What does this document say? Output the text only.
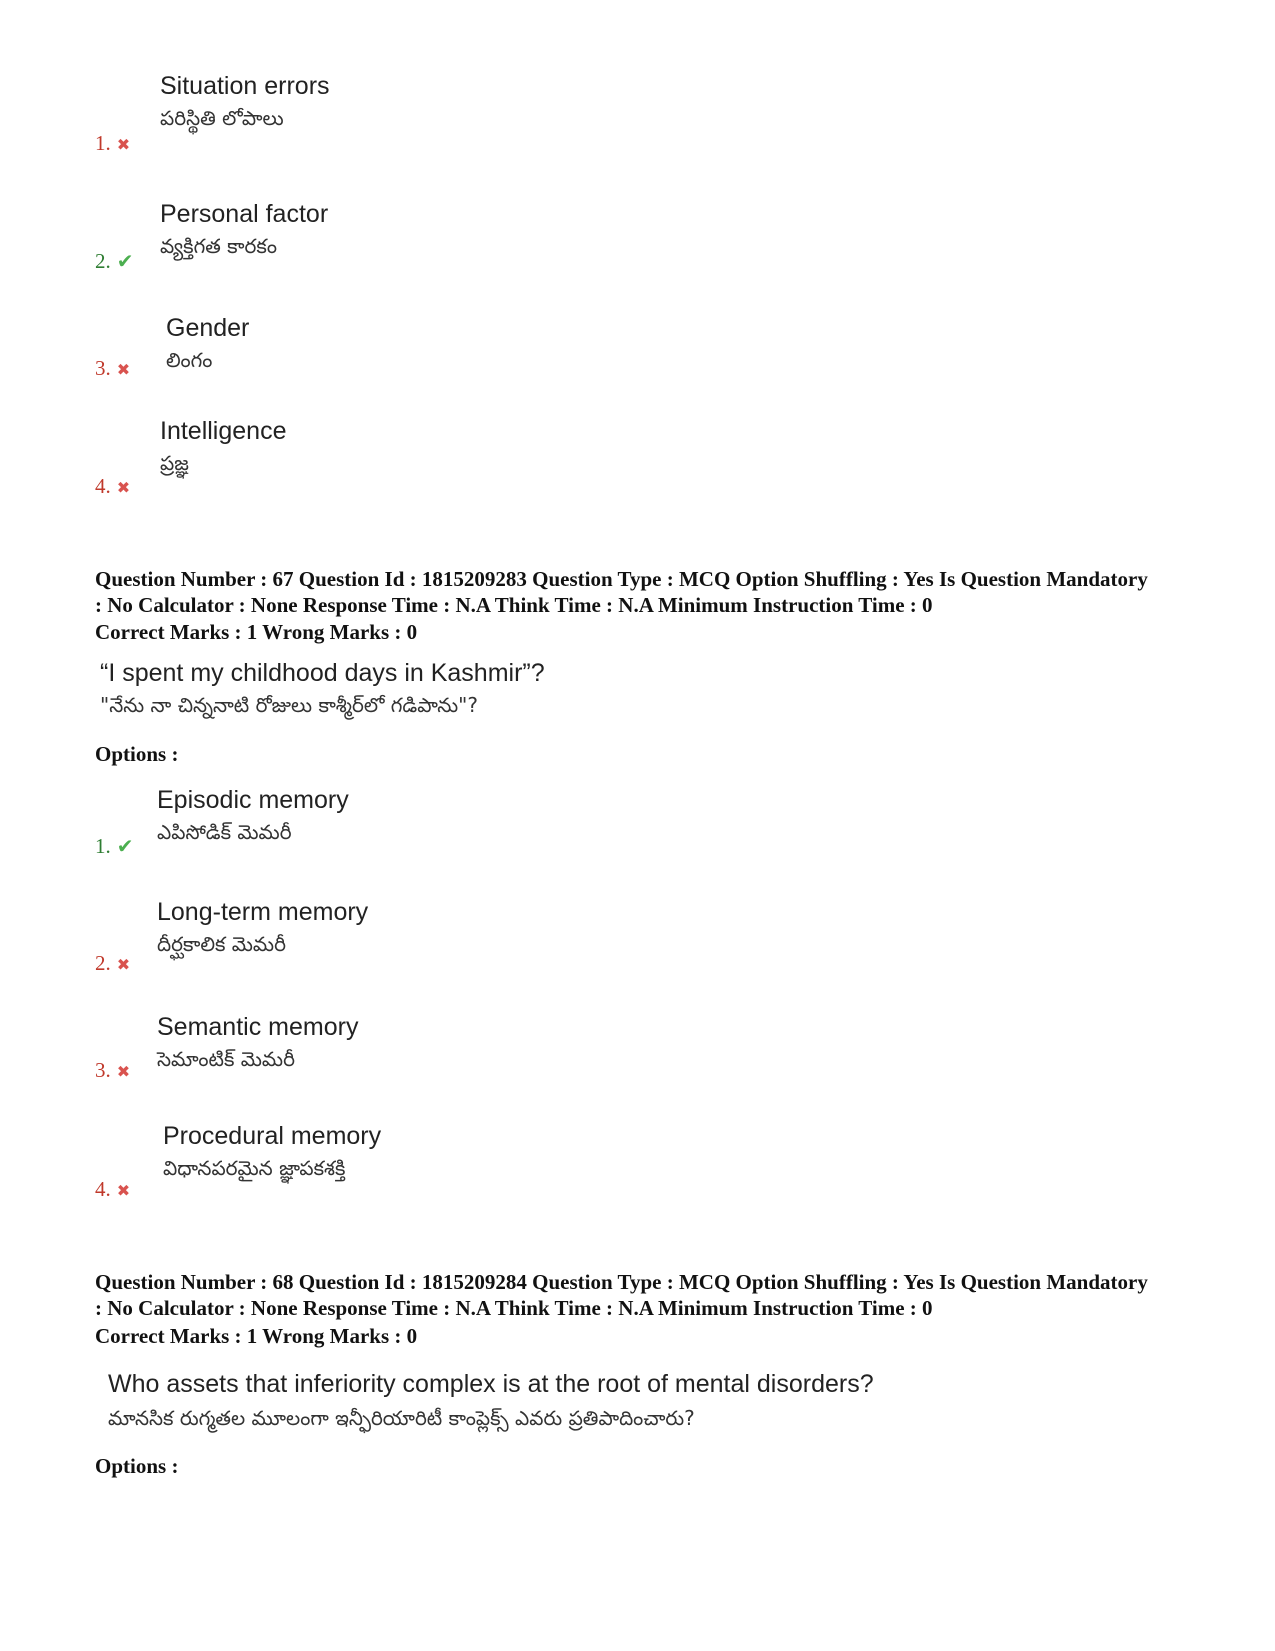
Situation errors
పరిస్థితి లోపాలు
1. ✖
Personal factor
వ్యక్తిగత కారకం
2. ✔
Gender
లింగం
3. ✖
Intelligence
ప్రజ్ఞ
4. ✖
Question Number : 67 Question Id : 1815209283 Question Type : MCQ Option Shuffling : Yes Is Question Mandatory : No Calculator : None Response Time : N.A Think Time : N.A Minimum Instruction Time : 0
Correct Marks : 1 Wrong Marks : 0
“I spent my childhood days in Kashmir”?
"నేను నా చిన్ననాటి రోజులు కాశ్మీర్‌లో గడిపాను"?
Options :
Episodic memory
ఎపిసోడిక్ మెమరీ
1. ✔
Long-term memory
దీర్ఘకాలిక మెమరీ
2. ✖
Semantic memory
సెమాంటిక్ మెమరీ
3. ✖
Procedural memory
విధానపరమైన జ్ఞాపకశక్తి
4. ✖
Question Number : 68 Question Id : 1815209284 Question Type : MCQ Option Shuffling : Yes Is Question Mandatory : No Calculator : None Response Time : N.A Think Time : N.A Minimum Instruction Time : 0
Correct Marks : 1 Wrong Marks : 0
Who assets that inferiority complex is at the root of mental disorders?
మానసిక రుగ్మతల మూలంగా ఇన్ఫీరియారిటీ కాంప్లెక్స్ ఎవరు ప్రతిపాదించారు?
Options :
